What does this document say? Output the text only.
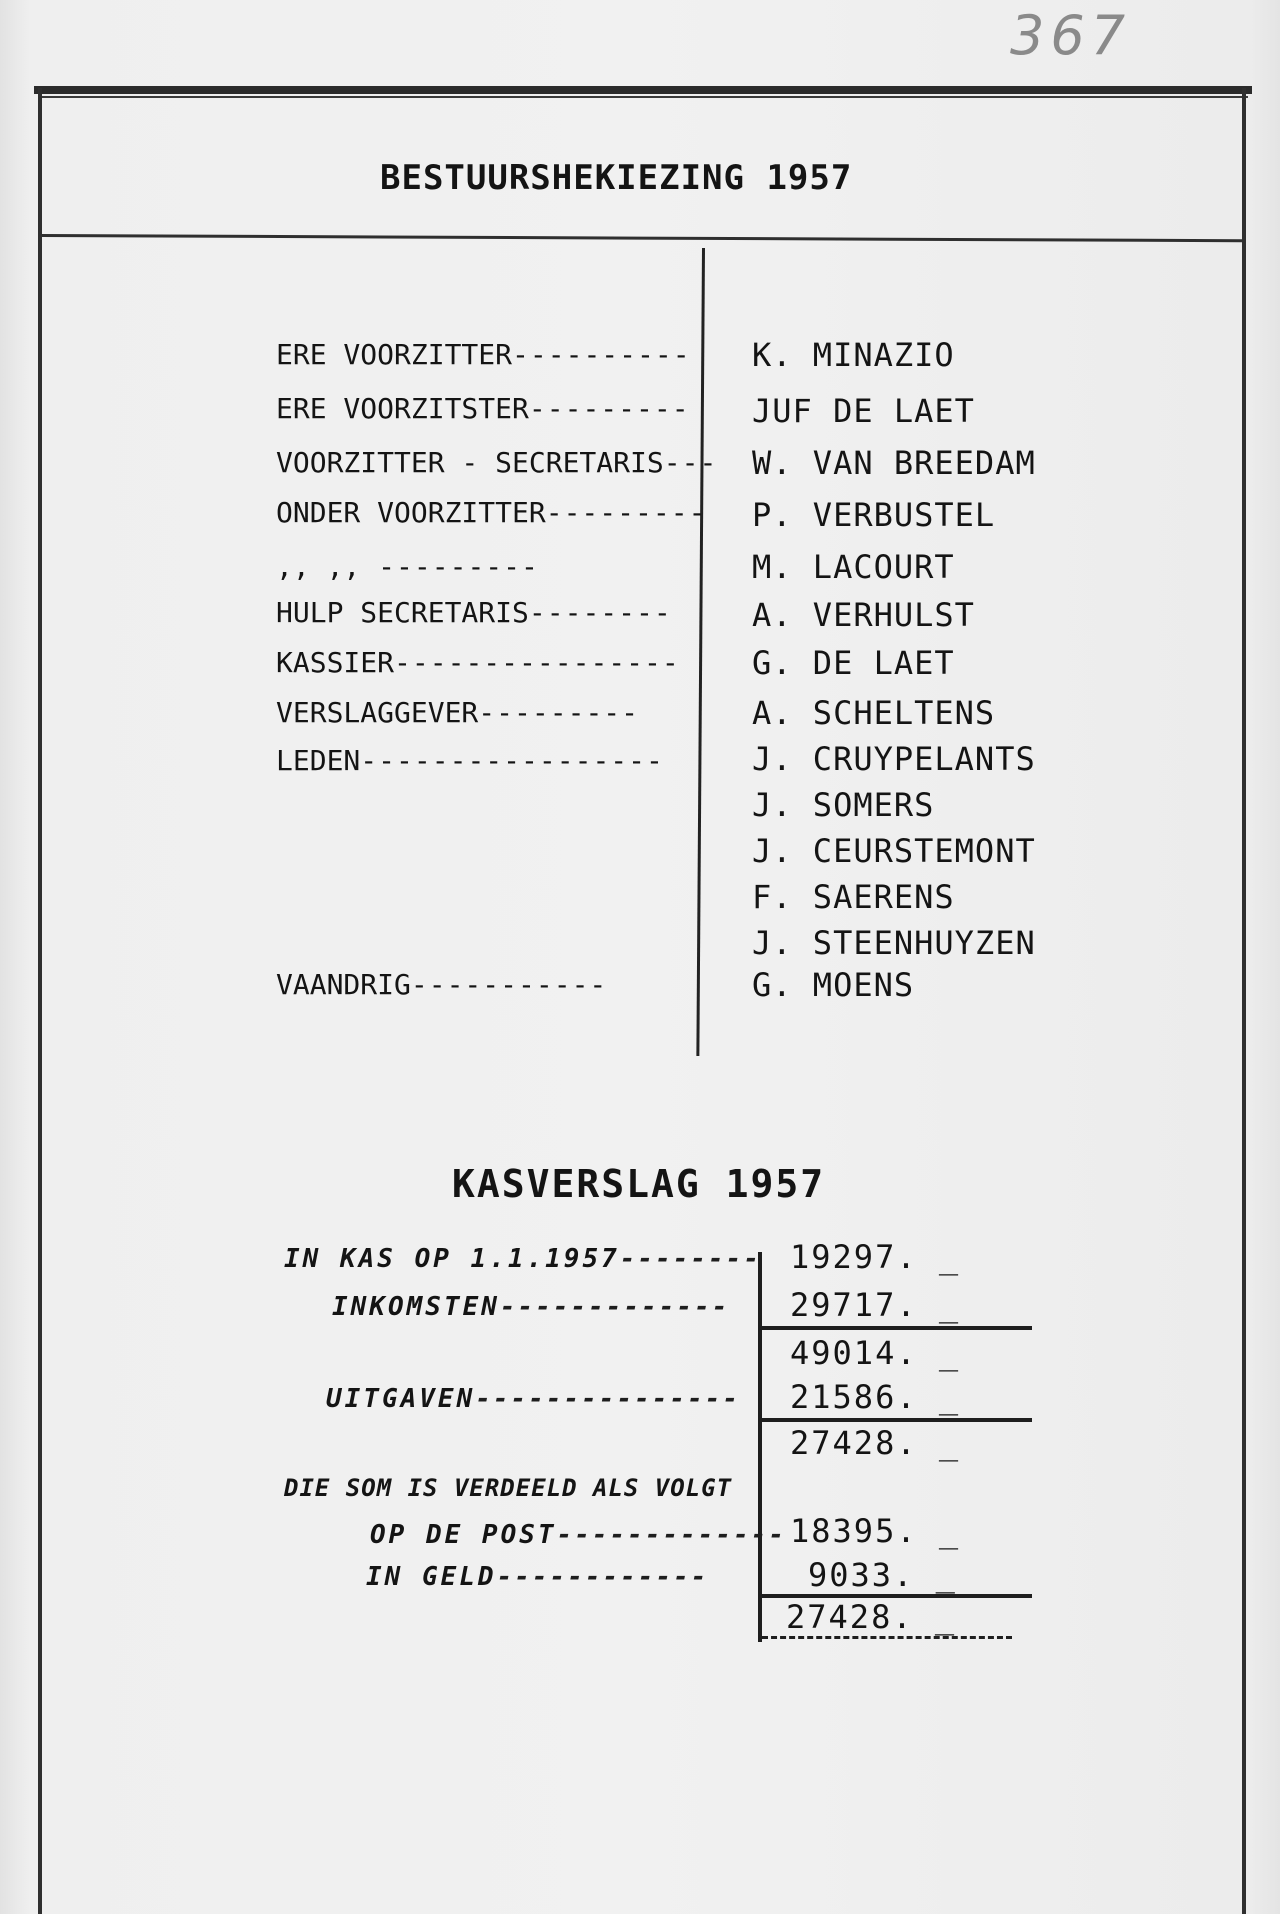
367
BESTUURSHEKIEZING 1957
ERE VOORZITTER----------	K. MINAZIO
ERE VOORZITSTER---------	JUF DE LAET
VOORZITTER - SECRETARIS--- W. VAN BREEDAM
ONDER VOORZITTER--------- P. VERBUSTEL
,, ,, ---------	M. LACOURT
HULP SECRETARIS--------	A. VERHULST
KASSIER----------------	G. DE LAET
VERSLAGGEVER---------	A. SCHELTENS
LEDEN-----------------	J. CRUYPELANTS
J. SOMERS
J. CEURSTEMONT
F. SAERENS
J. STEENHUYZEN
VAANDRIG-----------	G. MOENS
KASVERSLAG 1957
IN KAS OP 1.1.1957-------- 19297. _
INKOMSTEN------------- 29717. _
49014. _
UITGAVEN--------------- 21586. _
27428. _
DIE SOM IS VERDEELD ALS VOLGT
OP DE POST------------- 18395. _
IN GELD------------	9033. _
27428. _
